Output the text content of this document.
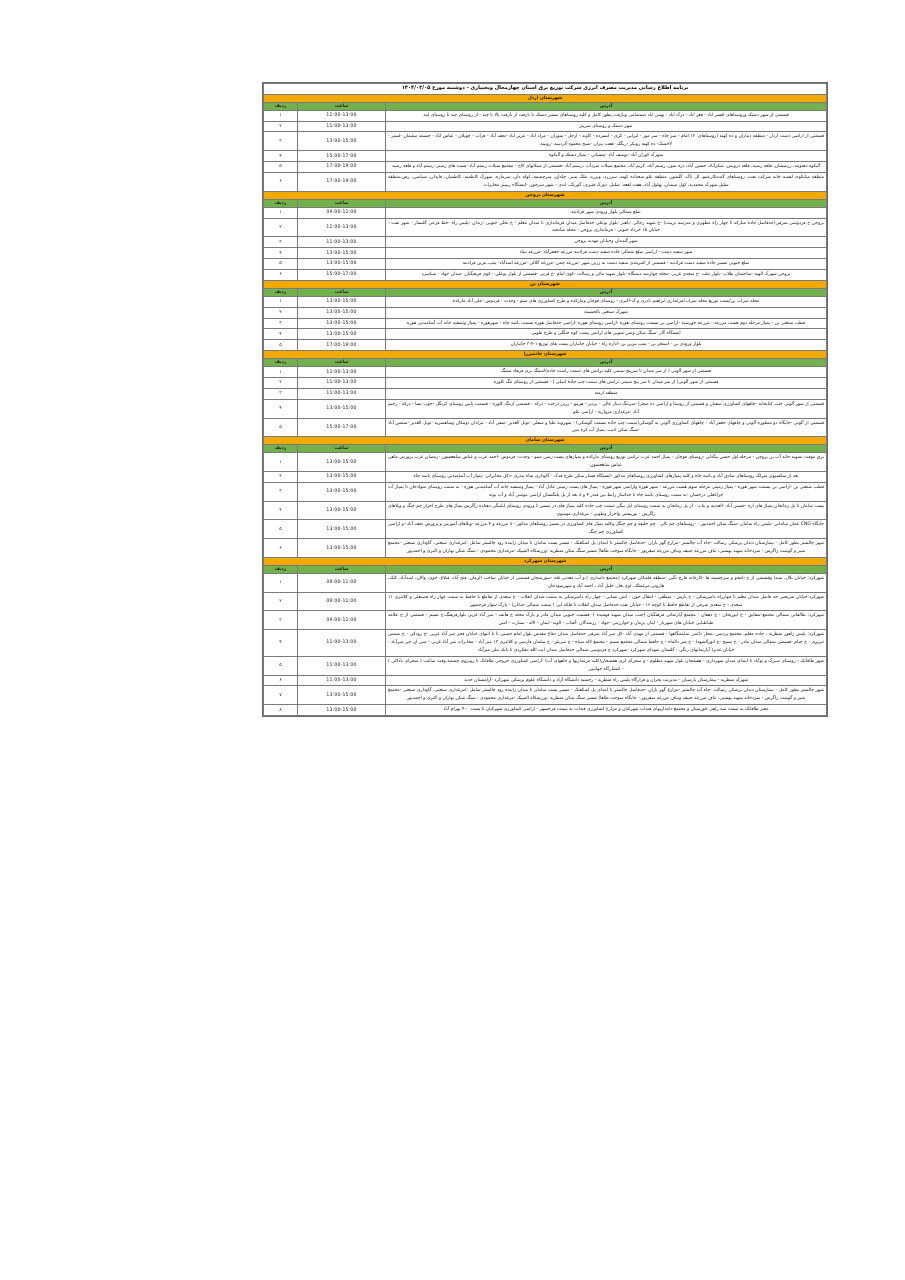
برنامه اطلاع رسانی مدیریت مصرف انرژی شرکت توزیع برق استان چهارمحال وبختیاری - دوشنبه مورخ ۱۴۰۴/۰۳/۰۵		
شهرستان اردل		
آدرس	ساعت	ردیف
قسمتی از شهر دشتک وروستاهای افسر اباد - فغر اباد - دزک اباد - بهمن اباد صمصامی وبازفت بطور کامل و کلیه روستاهای مسیر دشتک تا بازفت از بازفت بالا تا چبد - از روستای چبد تا روستای ابید	11:00-13:00	۱
شهر دشتک و روستای سرپیر	11:00-13:00	۲
قسمتی از اراضی دشت اردل - منطقه دیناران و ده کهنه (روستاهای: ۱۲ امام - سر چاه - سر مور - لیرابی - کری - ابسرده - کاوند - ارجل - شوران - مراد اباد - عزیز اباد -نجف آباد - قراب - چویلان - عباس اباد - چشمه سلیمان -لشتر - لاخشک- ده کهنه رویکر -ریگک -هفت پیران -شیخ محمود-گردبینه -رویینه	13:00-15:00	۳
شهرک کوران آباد -یوسف آباد -نیسیانی - پمپاژ دشتک و آلیکوه	15:00-17:00	۴
آلیکوه دهنوتند، زرمیشان، قلعه رشید، قلعه درویش، شکرآباد، حسین آباد، دره شور، رستم آباد، کریم آباد، مجتمع شیلات سردآب ،رستم آباد -قسمتی از شبلاتهای کاخ - مجتمع شیلات رستم آباد -پست های زمینی رستم آباد و قلعه رشید	17:00-19:00	۵
منطقه میانکوه، لقمیه خانه شرکت نفت، روستاهای گندمکارعمو، لل ناک، گلشور، منطقه علو سعداده کهنه، سرزرد، وبزرد، ملک شیر، چلدان، سرچشمه، لوله دان، سرمازه، شهرک کاظمیه، کاظمیان، قایدان، شیاسی، رفن،منطقه شلیل،شهرک محمدیه، کول میشان، یهلول آباد، هفت لقعه، شلیل، دورک قنبری، گورتک، اندی - شهر سرخون -ایستگاه ریپیتر مخابرات	17:00-19:00	۶
شهرستان بروجن		
آدرس	ساعت	ردیف
ضلع شمالی بلوار ورودی شهر فرادنبه	09:00-11:00	۱
بروجن خ فردوسی شرقی(حدفاصل جاده مبارکه تا چهار راه مطهری و مدرسه تربیت) -خ شهید رجائی -باهنر -بلوار بوعلی حدفاصل میدان فرمانداری تا میدان معلم - خ نخلی جنوبی -زندان -پلیس راه -خط فرعی گلبسار - شهر نفت - خیابان ۱۵ خرداد جنوبی - فرمانداری بروجن - محله صادقیه	11:00-13:00	۲
شهر گندمان وخیابان مهدیه بروجن	11:00-13:00	۳
شهر سفید دشت - اراضی ضلع شمالی جاده سفید دشت فرادنبه مزرعه جعفرآباد -مزرعه بنیاد	13:00-15:00	۴
ضلع جنوبی مسیر جاده سفید دشت فرادنبه - قسمتی از کمربندی سفید دشت به زرین شهر -مزرعه چمن -مزرعه گلالی -مزرعه اسدآباد- پمپ بنزین فرادنبه	13:00-15:00	۵
بروجن شهرک الهیه -ساختمان طلاب -بلوار ملت -خ سعدی غربی -محله چهارصد دستگاه -بلوار شهید بنائی و رسالت -کوی امام -خ قرنی -قسمتی از بلوار بوعلی - کوی فرهنگیان -میدان جهاد - سیاسرد	15:00-17:00	۶
شهرستان بن		
آدرس	ساعت	ردیف
محله سراب بن/پست توزیع محله سراب/مرغداری ابراهیم نادری و ک-اکبری - روستای قوچان ومارکده و طرح کشاورزی های مینو - وحدت - فردوس -علی آباد مارکده	13:00-15:00	۱
شهرک صنعتی بالجشمه	13:00-15:00	۲
قطب صنعتی بن - پمپاژ مرحله دوم هشت مزرعه - مزرعه خورشید -اراضی بن بسمت روستای هوره -اراضی روستای هوره -اراضی حدفاصل هوره بسمت یاسه چاه - شهرهوره - پمپاژ وتصفیه خانه آب آشامیدنی هوره	13:00-15:00	۳
ایستگاه گاز -سنگ شکن وشن شویی های اراضی پشت کوه جنگلی و طرح طوبی	13:00-15:00	۴
بلوار ورودی بن - استخر بن - پمپ بنزین بن -اداره راه - خیابان جانباران پست های توزیع ۱-۲-۳ جانباران	17:00-19:00	۵
شهرستان خانمیرزا		
آدرس	ساعت	ردیف
قسمتی از شهر آلونی ( از سر میدان تا سرپیچ سیمی کلیه ترانس های سمت راست جاده)استنگ بری فرهاد ستنگ	11:00-13:00	۱
قسمتی از شهر آلونی( از سر میدان تا سر پیچ سیمی ترانس های سمت چپ جاده اصلی ) - قسمتی از روستای تنگ کلوره	11:00-13:00	۲
منطقه ارمند	11:00-13:00	۳
قسمتی از شهر آلونی جنب کتابخانه -چاههای کشاورزی سفیان و قسمتی از روستا و اراضی ده صحرا -سرتنگ دینار عالی - بردبر - هرمو - زرین درخت - درکه - قسمتی ازتنگ کلوره - قسمت پایین روستای کرنگل -حوب نسا - درکه - رحیم آباد -مرغداری مروارید - اراضی علو	13:00-15:00	۴
قسمتی از آلونی -جایگاه دو منظوره آلونی و چاههای جعفر آباد - چاههای کشاورزی آلونی به گوشکی(سمت چپ جاده بسمت گوشکی) - شهروبه علیا و سفلی -نوتل الغدیر -صفی آباد - مرادان دومکان وشاهضریه -نوتل الغدیر -شمس آباد -سنگ شکن ادیب، پمپاژ آب کره بس	15:00-17:00	۵
شهرستان سامان		
آدرس	ساعت	ردیف
برق موقت تصویه خانه آب بن بروجن - مرحله اول حسن بیگدلی -روستای قوچان - پمپاژ احمد عرب ترانس توزیع روستای مارکده و پمپاژهای پست زمین مینو - وحدت- فردوس -احمد عرب و عباس شاهعسون -رمضان عرب پرورش ماهی عباس شاهعسون	13:00-15:00	۱
بعد از سکسیونر شرلک روستاهای صادق آباد و یاسه چاه و کلیه پمپاژهای کشاورزی روستاهای مذکور -ایستگاه فشار شکن طرح فدک - گاوداری شاه بندری -دکل مخابراتی -پمپاژ آب آشامیدنی روستای یاسه چاه	13:00-15:00	۲
قطب صنعتی بن -اراضی بن بسمت شهر هوره - پمپاژ زمینی مرحله سوم هشت مزرعه - شهر هوره واراضی شهر هوره - پمپاژ های پست زمینی عادل آباد - پمپاژ وتصفیه خانه آب آشامیدنی هوره - به سمت روستای سوادجان تا پمپاژ آب چراغعلی درخشان -به سمت روستای یاسه چاه تا جداساز رابط بین فیدر ۴ و ۸ بعد از پل پلنگستان اراضی موسی آباد و آب یونه	13:00-15:00	۳
پست سامان تا پل زمانخان پمپاژ های اره -حسین آباد -الغدنیه و بناب - از پل زمانخان به سمت روستای ایل بیگی سمت چپ جاده کلیه پمپاژ های در مسیر تا ورودی روستای ایلبیگی دهکده زاگرس پمپاژ های طرح احرار چم چنگ و ویلاهای زاگرس - یورپستی واحرار وطوبی - مرغداری موسوی	13:00-15:00	۴
جایگاه CNG عمان سامانی -پلیس راه سامان -سنگ شکن احمدپور - -روستاهای چم نالی . چم خلیفه و چم جنگل وکلیه پمپاژ های کشاورزی در مسیر روستاهای مذکور - ۸ مزرعه و ۴ مزرعه -ویلاهای آموزش و پرورش نجف آباد -و اراضی کشاورزی چم چنگ	13:00-15:00	۵
شهر چالشتر بطور کامل - بیمارستان دندان پزشکی رسالت -چاه آب چالشتر -مزارع گهر باران -حدفاصل چالشتر تا ابتدای پل اشکفتک - مسیر پست سامان تا میدان زاینده رود چالشتر شامل :امرغداری صنعتی، گاوداری صنعتی -مجتمع شیر و گوشت زاگرس - سردخانه شهید بهشتی، تباف مزرعه حنیف وتباف مزرعه صفرپور - جایگاه سوخت طاها) مسیر سنگ شکن منظریه -ورزشکاه المپیک -مرغداری محمودی - سنگ شکن بهاران و اکبری و احمدپور	13:00-15:00	۶
شهرستان شهرکرد		
آدرس	ساعت	ردیف
شهرکرد: خیابان بلال، شبدا وقسمتی از خ نامجو و سرچشمه ها -کارخانه قارچ نگین -منطقه قلمکان شهرکرد (مجتمع دامداری ) و آب معدنی قله -سورشجان قسمتی از خیابان صاحب الزمان، فتح آباد، قبلاغ، خوی، والان، اسدآباد، کتک، هارونی،مرغملک، اوج بغار، خلیل آباد ، احمد آباد و شهرسودجان	09:00-11:00	۱
شهرکرد:خیابان شریعتی حد فاصل میدان معلم تا چهارراه دامپزشکی - خ پارس - منطقی - انتقال خون - اتش نشانی - چهار راه دامپزشکی به سمت میدان انقلاب - خ سعدی از تقاطع با حافظ به سمت چهار راه قصبعلی و کلانتری ۱۱ سعدی - خ سعدی شرقی از تقاطع حافظ تا کوچه ۱۶ - خیابان نفت حدفاصل میدان انقلاب تا فلکه ابی ( سمت شمالی خیابان) - پارک سوار فرخشهر	09:00-11:00	۲
شهرکرد: طالقانی شمالی مجتمع شقایق - خ ابوریحان - خ دهقان - مجتمع آپارتمانی فرهنگیان (جنب میدان شهید فهمیده ) -قسمت جنوبی میدان مادر و پارک محله خ هاتف - میر آباد غربی بلوارفرهنگ،خ نسیم - قسمتی از خ علامه طباطبایی خیابان های شهریار - ایثار، پژمان و خوارزمی -جهاد - رزمندگان -آفتاب - الوند- ایمان - لاله - بشارت - امین	09:00-11:00	۳
شهرکرد: پلیس راهور منظریه ، جاده معلم، مجتمع پردیس ،محل دائمی نمایشگاهها - قسمتی از مهدی آباد -کل میر آباد شرقی حدفاصل میدان دفاع مقدس بلوار امام خمینی تا تا انتهای خیابان فجر میر آباد غربی -خ رودکی - خ شمس تبریزی - خ خیام -قسمتی شمالی میدان مادر - خ بسیج -خ انورالشهدا - خ میر دالماه - خ حافظ شمالی مجتمع نسیم - مجتمع لاله سیاه - خ سربلز - خ سلمان فارسی و کلانتری ۱۳ میر آباد - مخابرات میر آباد غربی - سی ان جی میرآباد - خیابان غدیر( آپارتمانهای رنگی - گلستان شهدای شهرکرد -شهرکرد خ فردوسی شمالی حدفاصل میدان ایت الله دهکردی تا بانک ملی میرآباد	11:00-13:00	۴
شهر طاقانک - روستای سبرک و نوآباد تا ابتدای میدان شهرداری - هفشجان بلوار شهید مظلوم - و صحرای لری هفشجان(کلیه مرغداریها و چاههای آب) -اراضی کشاورزی خروجی طاقانک تا روبروی چشمه وقت ساعت ( صحرای باداکی ) - کشتارگاه جهانبین	11:00-13:00	۵
شهرک منظریه - بیمارستان پارسیان - مدیریت بحران و فرارگاه پلیس راه منظریه - رحمتیه دانشگاه آزاد و دانشگاه علوم پزشکی شهرکرد -آرامستان جدید	11:00-13:00	۶
شهر چالشتر بطور کامل - بیمارستان دندان پزشکی رسالت -چاه آب چالشتر -مزارع گهر باران -حدفاصل چالشتر تا ابتدای پل اشکفتک - مسیر پست سامان تا میدان زاینده رود چالشتر شامل :امرغداری صنعتی، گاوداری صنعتی -مجتمع شیر و گوشت زاگرس - سردخانه شهید بهشتی، تباف مزرعه حنیف وتباف مزرعه صفرپور - جایگاه سوخت طاها) مسیر سنگ شکن منظریه -ورزشکاه المپیک -مرغداری محمودی - سنگ شکن بهاران و اکبری و احمدپور	13:00-15:00	۷
معبر طاقانک به سمت سه راهی خوزستان و مجتمع دامداریهای قنداب شهرکیان و مزارع کشاورزی قنداب به سمت فرخشهر - اراضی کشاورزی شهرکیان تا پست ۴۰۰ بهرام آباد	13:00-15:00	۸
